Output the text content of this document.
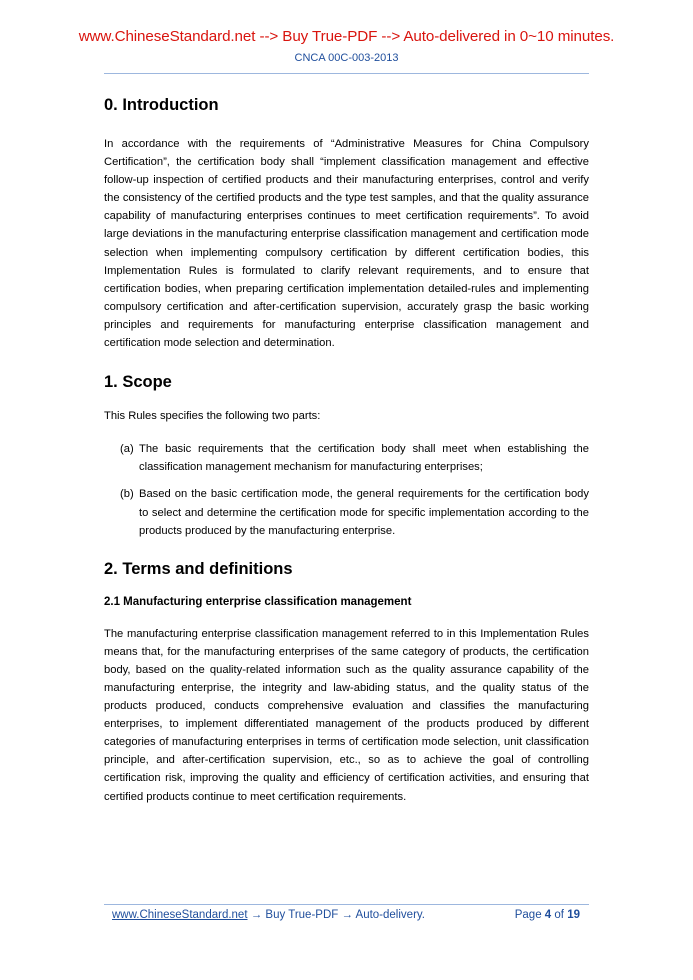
www.ChineseStandard.net --> Buy True-PDF --> Auto-delivered in 0~10 minutes.
CNCA 00C-003-2013
0. Introduction

In accordance with the requirements of “Administrative Measures for China Compulsory Certification”, the certification body shall “implement classification management and effective follow-up inspection of certified products and their manufacturing enterprises, control and verify the consistency of the certified products and the type test samples, and that the quality assurance capability of manufacturing enterprises continues to meet certification requirements”. To avoid large deviations in the manufacturing enterprise classification management and certification mode selection when implementing compulsory certification by different certification bodies, this Implementation Rules is formulated to clarify relevant requirements, and to ensure that certification bodies, when preparing certification implementation detailed-rules and implementing compulsory certification and after-certification supervision, accurately grasp the basic working principles and requirements for manufacturing enterprise classification management and certification mode selection and determination.

1. Scope

This Rules specifies the following two parts:

(a) The basic requirements that the certification body shall meet when establishing the classification management mechanism for manufacturing enterprises;
(b) Based on the basic certification mode, the general requirements for the certification body to select and determine the certification mode for specific implementation according to the products produced by the manufacturing enterprise.
2. Terms and definitions
2.1 Manufacturing enterprise classification management

The manufacturing enterprise classification management referred to in this Implementation Rules means that, for the manufacturing enterprises of the same category of products, the certification body, based on the quality-related information such as the quality assurance capability of the manufacturing enterprise, the integrity and law-abiding status, and the quality status of the products produced, conducts comprehensive evaluation and classifies the manufacturing enterprises, to implement differentiated management of the products produced by different categories of manufacturing enterprises in terms of certification mode selection, unit classification principle, and after-certification supervision, etc., so as to achieve the goal of controlling certification risk, improving the quality and efficiency of certification activities, and ensuring that certified products continue to meet certification requirements.

www.ChineseStandard.net → Buy True-PDF → Auto-delivery.	Page 4 of 19
